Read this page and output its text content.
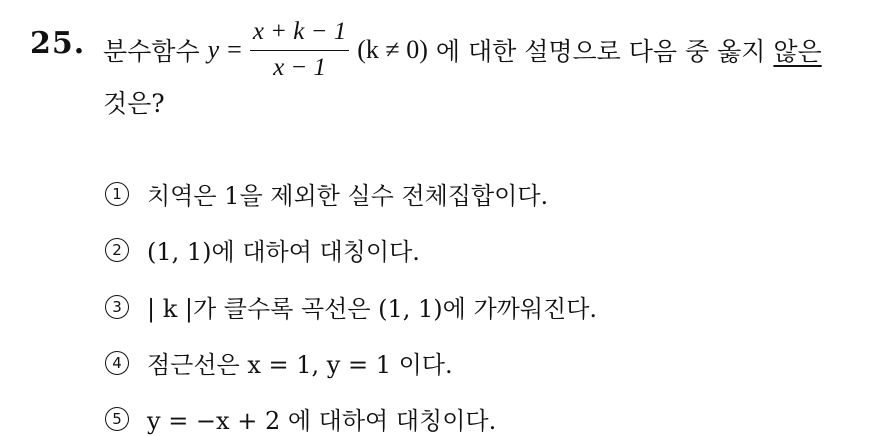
25. 분수함수 $y = \frac{x + k - 1}{x - 1} (k \ne 0)$ 에 대한 설명으로 다음 중 옳지 않은
것은?
1	치역은 1을 제외한 실수 전체집합이다.
2	(1, 1)에 대하여 대칭이다.
3	| k |가 클수록 곡선은 (1, 1)에 가까워진다.
4	점근선은 x = 1, y = 1 이다.
5	y = −x + 2 에 대하여 대칭이다.
